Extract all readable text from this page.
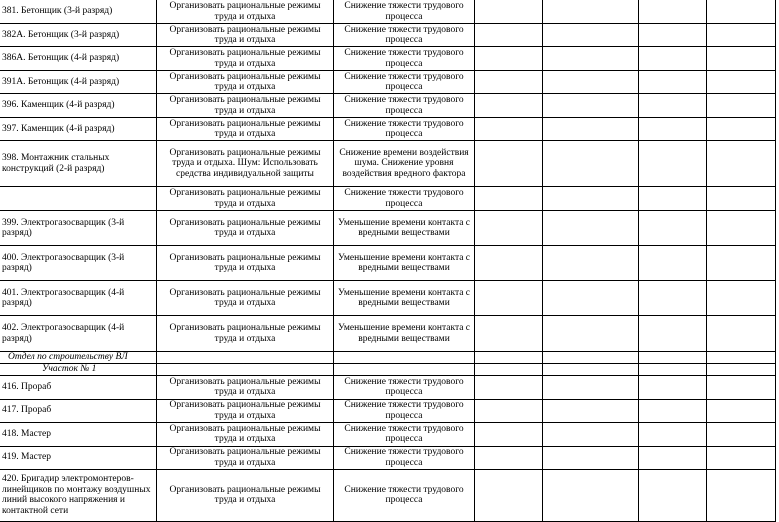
381. Бетонщик (3-й разряд)	Организовать рациональные режимы труда и отдыха	Снижение тяжести трудового процесса				
382А. Бетонщик (3-й разряд)	Организовать рациональные режимы труда и отдыха	Снижение тяжести трудового процесса				
386А. Бетонщик (4-й разряд)	Организовать рациональные режимы труда и отдыха	Снижение тяжести трудового процесса				
391А. Бетонщик (4-й разряд)	Организовать рациональные режимы труда и отдыха	Снижение тяжести трудового процесса				
396. Каменщик (4-й разряд)	Организовать рациональные режимы труда и отдыха	Снижение тяжести трудового процесса				
397. Каменщик (4-й разряд)	Организовать рациональные режимы труда и отдыха	Снижение тяжести трудового процесса				
398. Монтажник стальных конструкций (2-й разряд)	Организовать рациональные режимы труда и отдыха. Шум: Использовать средства индивидуальной защиты	Снижение времени воздействия шума. Снижение уровня воздействия вредного фактора				
	Организовать рациональные режимы труда и отдыха	Снижение тяжести трудового процесса				
399. Электрогазосварщик (3-й разряд)	Организовать рациональные режимы труда и отдыха	Уменьшение времени контакта с вредными веществами				
400. Электрогазосварщик (3-й разряд)	Организовать рациональные режимы труда и отдыха	Уменьшение времени контакта с вредными веществами				
401. Электрогазосварщик (4-й разряд)	Организовать рациональные режимы труда и отдыха	Уменьшение времени контакта с вредными веществами				
402. Электрогазосварщик (4-й разряд)	Организовать рациональные режимы труда и отдыха	Уменьшение времени контакта с вредными веществами				
Отдел по строительству ВЛ						
Участок № 1						
416. Прораб	Организовать рациональные режимы труда и отдыха	Снижение тяжести трудового процесса				
417. Прораб	Организовать рациональные режимы труда и отдыха	Снижение тяжести трудового процесса				
418. Мастер	Организовать рациональные режимы труда и отдыха	Снижение тяжести трудового процесса				
419. Мастер	Организовать рациональные режимы труда и отдыха	Снижение тяжести трудового процесса				
420. Бригадир электромонтеров-линейщиков по монтажу воздушных линий высокого напряжения и контактной сети	Организовать рациональные режимы труда и отдыха	Снижение тяжести трудового процесса				
